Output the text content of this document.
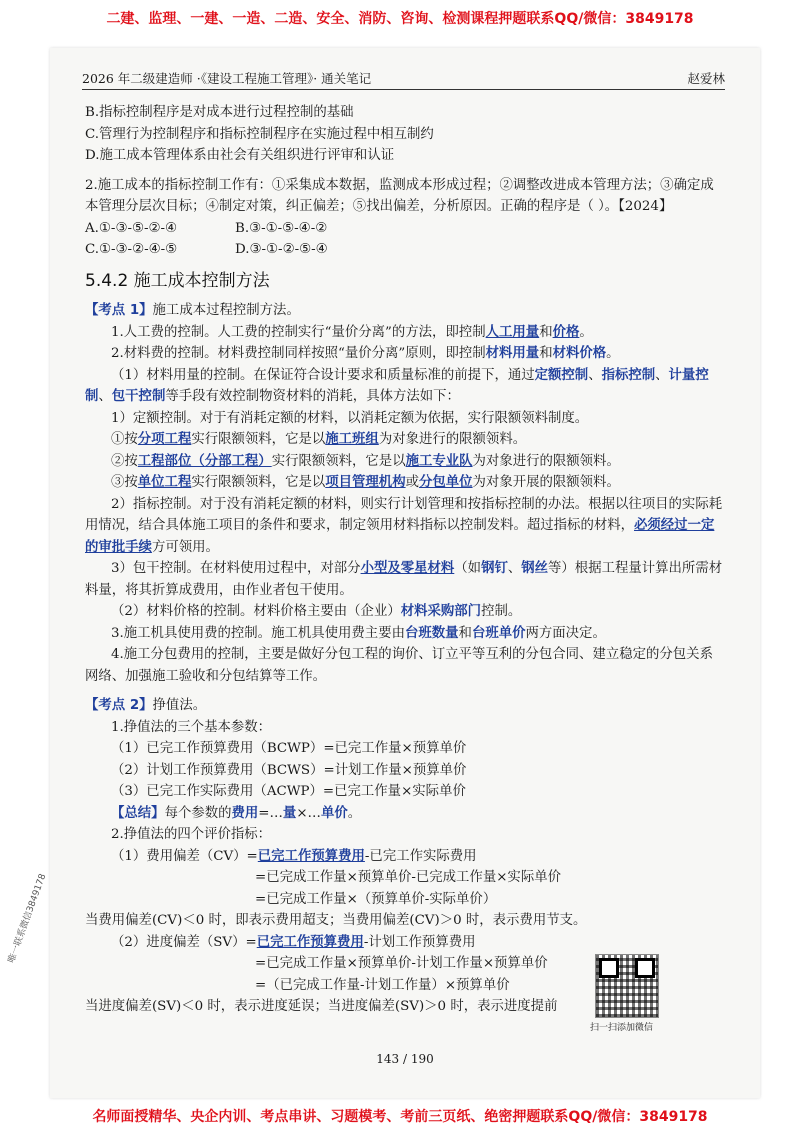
二建、监理、一建、一造、二造、安全、消防、咨询、检测课程押题联系QQ/微信：3849178
2026 年二级建造师 ·《建设工程施工管理》· 通关笔记	赵爱林

B.指标控制程序是对成本进行过程控制的基础

C.管理行为控制程序和指标控制程序在实施过程中相互制约

D.施工成本管理体系由社会有关组织进行评审和认证

2.施工成本的指标控制工作有：①采集成本数据，监测成本形成过程；②调整改进成本管理方法；③确定成本管理分层次目标；④制定对策，纠正偏差；⑤找出偏差，分析原因。正确的程序是（ ）。【2024】

A.①-③-⑤-②-④	B.③-①-⑤-④-②
C.①-③-②-④-⑤	D.③-①-②-⑤-④
5.4.2 施工成本控制方法

【考点 1】施工成本过程控制方法。

1.人工费的控制。人工费的控制实行“量价分离”的方法，即控制人工用量和价格。

2.材料费的控制。材料费控制同样按照“量价分离”原则，即控制材料用量和材料价格。

（1）材料用量的控制。在保证符合设计要求和质量标准的前提下，通过定额控制、指标控制、计量控制、包干控制等手段有效控制物资材料的消耗，具体方法如下：

1）定额控制。对于有消耗定额的材料，以消耗定额为依据，实行限额领料制度。

①按分项工程实行限额领料，它是以施工班组为对象进行的限额领料。

②按工程部位（分部工程）实行限额领料，它是以施工专业队为对象进行的限额领料。

③按单位工程实行限额领料，它是以项目管理机构或分包单位为对象开展的限额领料。

2）指标控制。对于没有消耗定额的材料，则实行计划管理和按指标控制的办法。根据以往项目的实际耗用情况，结合具体施工项目的条件和要求，制定领用材料指标以控制发料。超过指标的材料，必须经过一定的审批手续方可领用。

3）包干控制。在材料使用过程中，对部分小型及零星材料（如钢钉、钢丝等）根据工程量计算出所需材料量，将其折算成费用，由作业者包干使用。

（2）材料价格的控制。材料价格主要由（企业）材料采购部门控制。

3.施工机具使用费的控制。施工机具使用费主要由台班数量和台班单价两方面决定。

4.施工分包费用的控制，主要是做好分包工程的询价、订立平等互利的分包合同、建立稳定的分包关系网络、加强施工验收和分包结算等工作。

【考点 2】挣值法。

1.挣值法的三个基本参数：

（1）已完工作预算费用（BCWP）=已完工作量×预算单价

（2）计划工作预算费用（BCWS）=计划工作量×预算单价

（3）已完工作实际费用（ACWP）=已完工作量×实际单价

【总结】每个参数的费用=…量×…单价。

2.挣值法的四个评价指标：

（1）费用偏差（CV）=已完工作预算费用-已完工作实际费用

=已完成工作量×预算单价-已完成工作量×实际单价

=已完成工作量×（预算单价-实际单价）

当费用偏差(CV)＜0 时，即表示费用超支；当费用偏差(CV)＞0 时，表示费用节支。

（2）进度偏差（SV）=已完工作预算费用-计划工作预算费用

=已完成工作量×预算单价-计划工作量×预算单价

=（已完成工作量-计划工作量）×预算单价

当进度偏差(SV)＜0 时，表示进度延误；当进度偏差(SV)＞0 时，表示进度提前

扫一扫添加微信
143 / 190
唯一联系微信3849178
名师面授精华、央企内训、考点串讲、习题模考、考前三页纸、绝密押题联系QQ/微信：3849178
